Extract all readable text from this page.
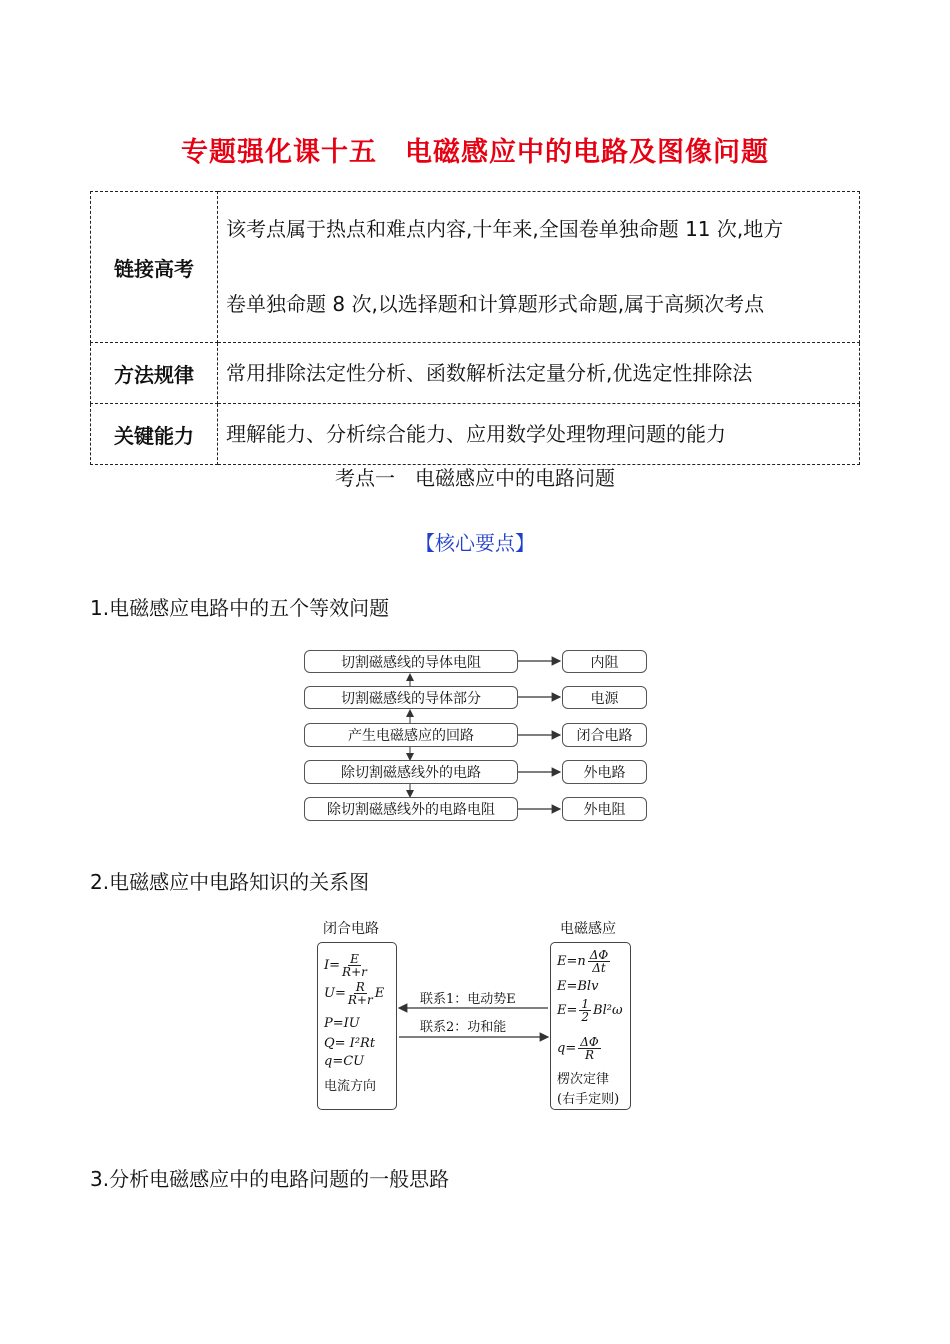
专题强化课十五　电磁感应中的电路及图像问题
链接高考	该考点属于热点和难点内容,十年来,全国卷单独命题 11 次,地方
卷单独命题 8 次,以选择题和计算题形式命题,属于高频次考点

方法规律	常用排除法定性分析、函数解析法定量分析,优选定性排除法
关键能力	理解能力、分析综合能力、应用数学处理物理问题的能力
考点一　电磁感应中的电路问题
【核心要点】
1.电磁感应电路中的五个等效问题
切割磁感线的导体电阻
切割磁感线的导体部分
产生电磁感应的回路
除切割磁感线外的电路
除切割磁感线外的电路电阻
内阻
电源
闭合电路
外电路
外电阻
2.电磁感应中电路知识的关系图
闭合电路	电磁感应
$I= \frac{E}{R+r}$
$U= \frac{R}{R+r}$ E
P=IU
Q= I²Rt
q=CU
电流方向
$E=n \frac{\Delta\Phi}{\Delta t}$
E=Blv
$E= \frac{1}{2} Bl^2\omega$
$q= \frac{\Delta\Phi}{R}$
楞次定律
(右手定则)
联系1：电动势E
联系2：功和能
3.分析电磁感应中的电路问题的一般思路
